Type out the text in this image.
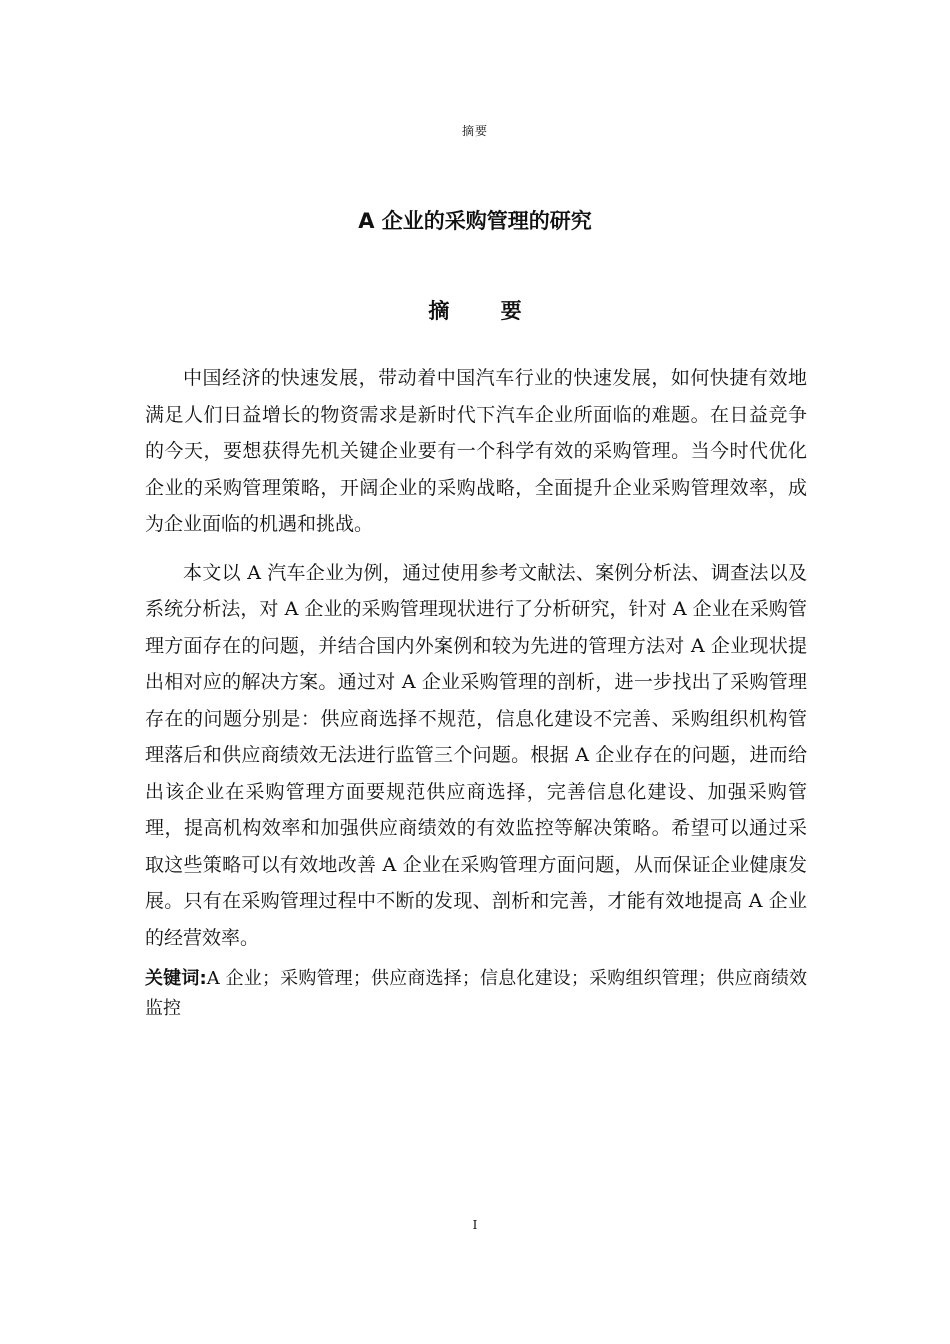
摘要
A 企业的采购管理的研究
摘 要

中国经济的快速发展，带动着中国汽车行业的快速发展，如何快捷有效地满足人们日益增长的物资需求是新时代下汽车企业所面临的难题。在日益竞争的今天，要想获得先机关键企业要有一个科学有效的采购管理。当今时代优化企业的采购管理策略，开阔企业的采购战略，全面提升企业采购管理效率，成为企业面临的机遇和挑战。

本文以 A 汽车企业为例，通过使用参考文献法、案例分析法、调查法以及系统分析法，对 A 企业的采购管理现状进行了分析研究，针对 A 企业在采购管理方面存在的问题，并结合国内外案例和较为先进的管理方法对 A 企业现状提出相对应的解决方案。通过对 A 企业采购管理的剖析，进一步找出了采购管理存在的问题分别是：供应商选择不规范，信息化建设不完善、采购组织机构管理落后和供应商绩效无法进行监管三个问题。根据 A 企业存在的问题，进而给出该企业在采购管理方面要规范供应商选择，完善信息化建设、加强采购管理，提高机构效率和加强供应商绩效的有效监控等解决策略。希望可以通过采取这些策略可以有效地改善 A 企业在采购管理方面问题，从而保证企业健康发展。只有在采购管理过程中不断的发现、剖析和完善，才能有效地提高 A 企业的经营效率。

关键词:A 企业；采购管理；供应商选择；信息化建设；采购组织管理；供应商绩效监控
I
